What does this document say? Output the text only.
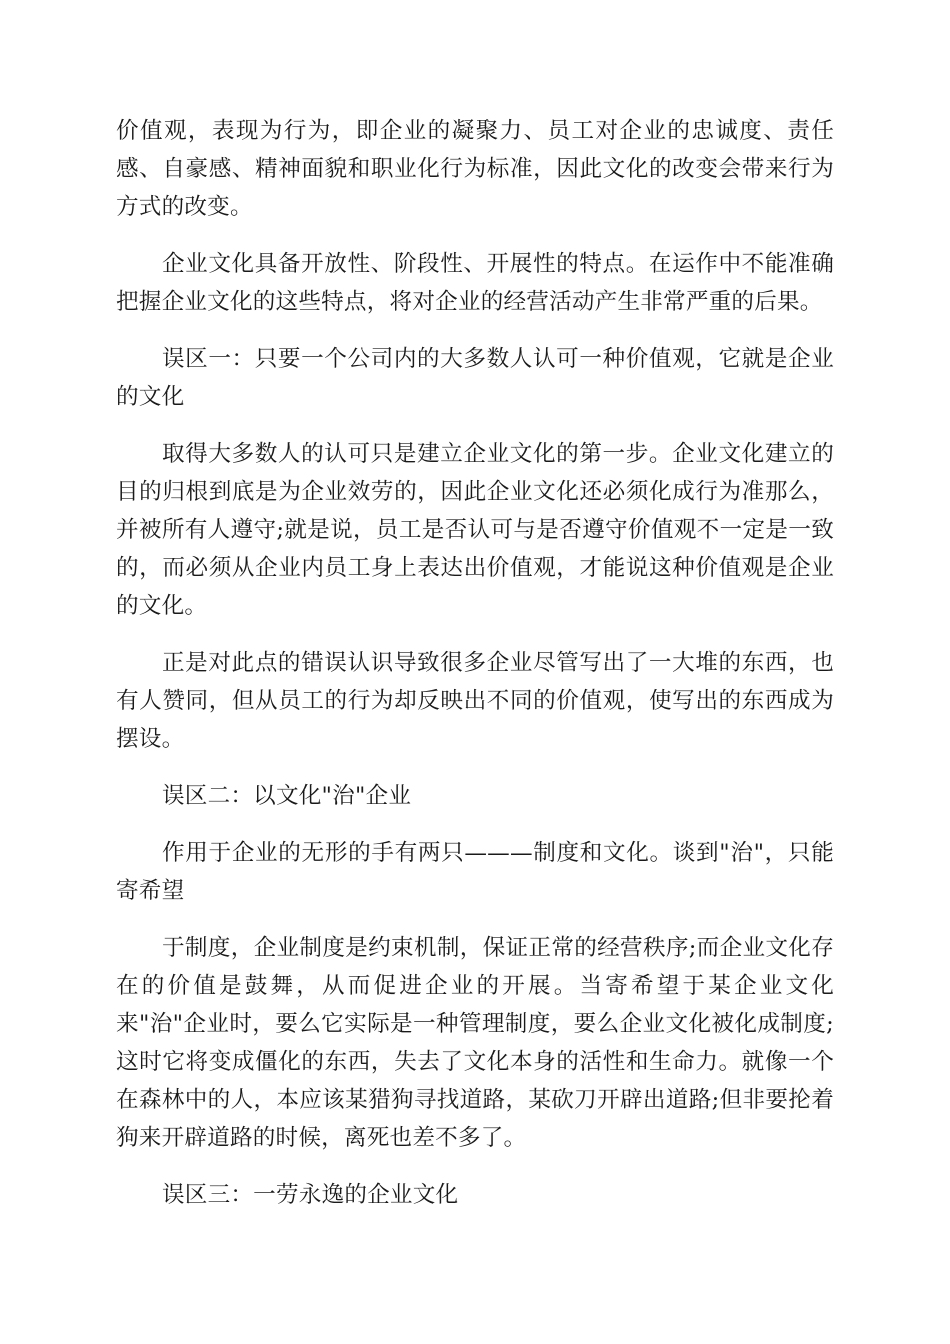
价值观，表现为行为，即企业的凝聚力、员工对企业的忠诚度、责任感、自豪感、精神面貌和职业化行为标准，因此文化的改变会带来行为方式的改变。

企业文化具备开放性、阶段性、开展性的特点。在运作中不能准确把握企业文化的这些特点，将对企业的经营活动产生非常严重的后果。

误区一：只要一个公司内的大多数人认可一种价值观，它就是企业的文化

取得大多数人的认可只是建立企业文化的第一步。企业文化建立的目的归根到底是为企业效劳的，因此企业文化还必须化成行为准那么，并被所有人遵守;就是说，员工是否认可与是否遵守价值观不一定是一致的，而必须从企业内员工身上表达出价值观，才能说这种价值观是企业的文化。

正是对此点的错误认识导致很多企业尽管写出了一大堆的东西，也有人赞同，但从员工的行为却反映出不同的价值观，使写出的东西成为摆设。

误区二：以文化"治"企业

作用于企业的无形的手有两只———制度和文化。谈到"治"，只能寄希望

于制度，企业制度是约束机制，保证正常的经营秩序;而企业文化存在的价值是鼓舞，从而促进企业的开展。当寄希望于某企业文化来"治"企业时，要么它实际是一种管理制度，要么企业文化被化成制度;这时它将变成僵化的东西，失去了文化本身的活性和生命力。就像一个在森林中的人，本应该某猎狗寻找道路，某砍刀开辟出道路;但非要抡着狗来开辟道路的时候，离死也差不多了。

误区三：一劳永逸的企业文化
